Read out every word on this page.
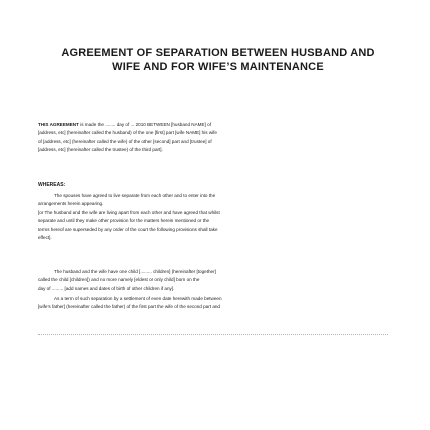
AGREEMENT OF SEPARATION BETWEEN HUSBAND AND
WIFE AND FOR WIFE’S MAINTENANCE
THIS AGREEMENT is made the ........ day of ... 2010 BETWEEN [husband NAME] of
[address, etc] (hereinafter called the husband) of the one [first] part [wife NAME] his wife
of [address, etc] (hereinafter called the wife) of the other [second] part and [trustee] of
[address, etc] (hereinafter called the trustee) of the third part].
WHEREAS:
The spouses have agreed to live separate from each other and to enter into the
arrangements herein appearing.
[or The husband and the wife are living apart from each other and have agreed that whilst
separate and until they make other provision for the matters herein mentioned or the
terms hereof are superseded by any order of the court the following provisions shall take
effect].
The husband and the wife have one child [......... children] (hereinafter [together]
called the child [children]) and no more namely [eldest or only child] born on the
day of ......... [add names and dates of birth of other children if any].
As a term of such separation by a settlement of even date herewith made between
[wife’s father] (hereinafter called the father) of the first part the wife of the second part and
